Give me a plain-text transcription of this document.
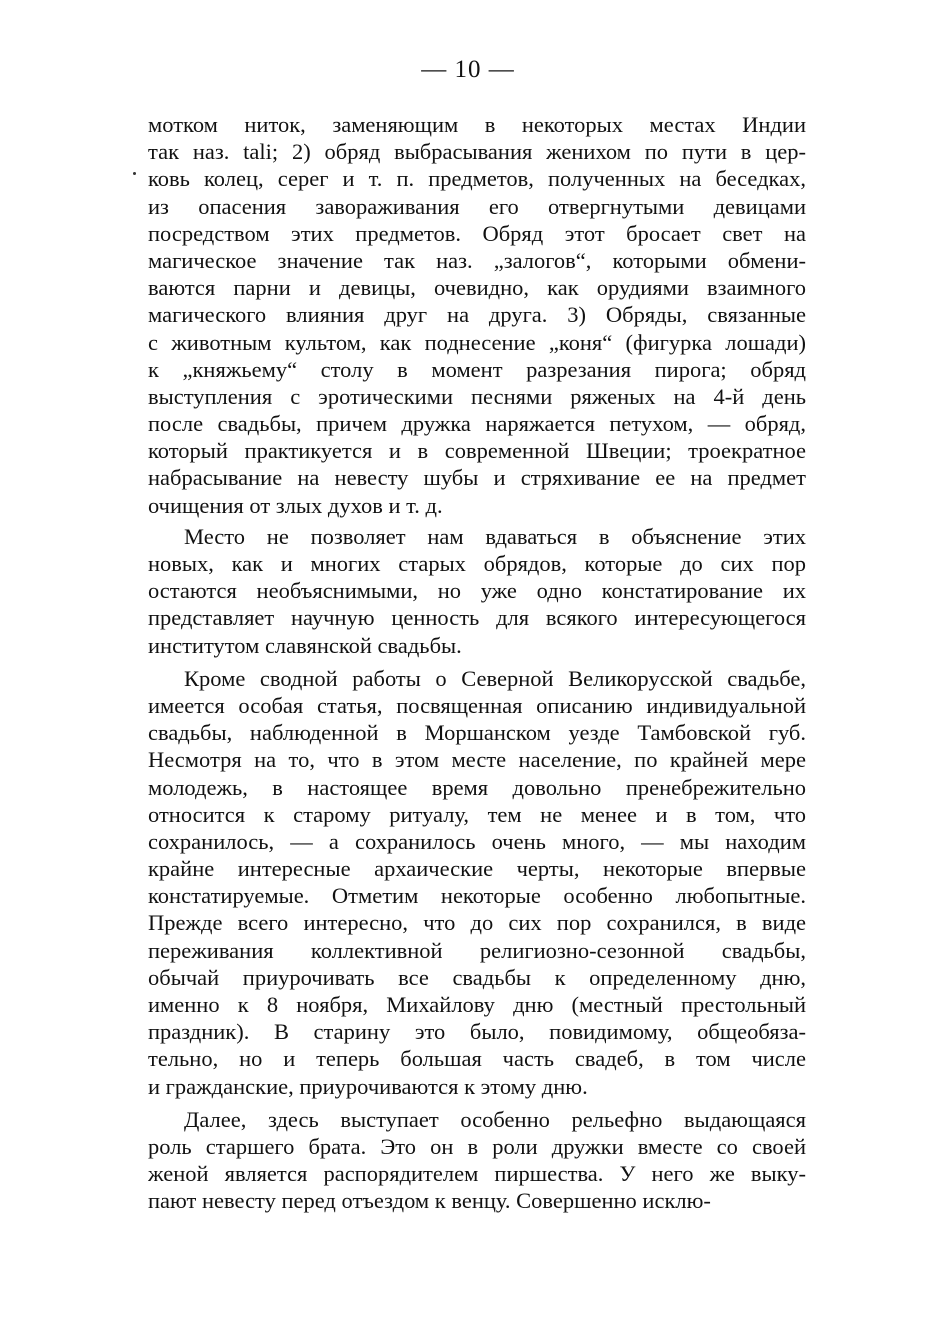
— 10 —
мотком ниток, заменяющим в некоторых местах Индии
так наз. tali; 2) обряд выбрасывания женихом по пути в цер-
ковь колец, серег и т. п. предметов, полученных на беседках,
из опасения завораживания его отвергнутыми девицами
посредством этих предметов. Обряд этот бросает свет на
магическое значение так наз. „залогов“, которыми обмени-
ваются парни и девицы, очевидно, как орудиями взаимного
магического влияния друг на друга. 3) Обряды, связанные
с животным культом, как поднесение „коня“ (фигурка лошади)
к „княжьему“ столу в момент разрезания пирога; обряд
выступления с эротическими песнями ряженых на 4-й день
после свадьбы, причем дружка наряжается петухом, — обряд,
который практикуется и в современной Швеции; троекратное
набрасывание на невесту шубы и стряхивание ее на предмет
очищения от злых духов и т. д.
Место не позволяет нам вдаваться в объяснение этих
новых, как и многих старых обрядов, которые до сих пор
остаются необъяснимыми, но уже одно констатирование их
представляет научную ценность для всякого интересующегося
институтом славянской свадьбы.
Кроме сводной работы о Северной Великорусской свадьбе,
имеется особая статья, посвященная описанию индивидуальной
свадьбы, наблюденной в Моршанском уезде Тамбовской губ.
Несмотря на то, что в этом месте население, по крайней мере
молодежь, в настоящее время довольно пренебрежительно
относится к старому ритуалу, тем не менее и в том, что
сохранилось, — а сохранилось очень много, — мы находим
крайне интересные архаические черты, некоторые впервые
констатируемые. Отметим некоторые особенно любопытные.
Прежде всего интересно, что до сих пор сохранился, в виде
переживания коллективной религиозно-сезонной свадьбы,
обычай приурочивать все свадьбы к определенному дню,
именно к 8 ноября, Михайлову дню (местный престольный
праздник). В старину это было, повидимому, общеобяза-
тельно, но и теперь большая часть свадеб, в том числе
и гражданские, приурочиваются к этому дню.
Далее, здесь выступает особенно рельефно выдающаяся
роль старшего брата. Это он в роли дружки вместе со своей
женой является распорядителем пиршества. У него же выку-
пают невесту перед отъездом к венцу. Совершенно исклю-
